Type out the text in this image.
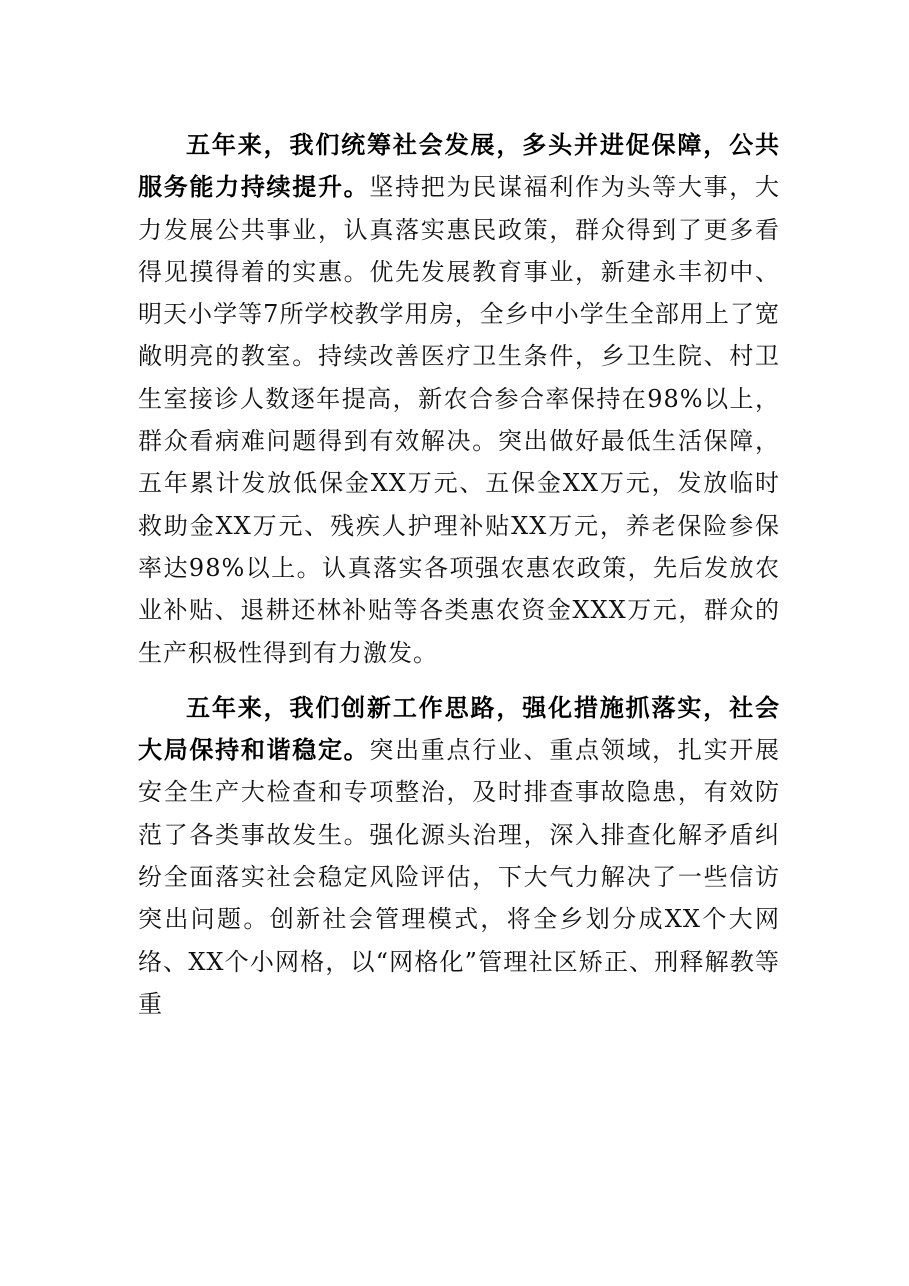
五年来，我们统筹社会发展，多头并进促保障，公共服务能力持续提升。坚持把为民谋福利作为头等大事，大力发展公共事业，认真落实惠民政策，群众得到了更多看得见摸得着的实惠。优先发展教育事业，新建永丰初中、明天小学等7所学校教学用房，全乡中小学生全部用上了宽敞明亮的教室。持续改善医疗卫生条件，乡卫生院、村卫生室接诊人数逐年提高，新农合参合率保持在98%以上，群众看病难问题得到有效解决。突出做好最低生活保障，五年累计发放低保金XX万元、五保金XX万元，发放临时救助金XX万元、残疾人护理补贴XX万元，养老保险参保率达98%以上。认真落实各项强农惠农政策，先后发放农业补贴、退耕还林补贴等各类惠农资金XXX万元，群众的生产积极性得到有力激发。

五年来，我们创新工作思路，强化措施抓落实，社会大局保持和谐稳定。突出重点行业、重点领域，扎实开展安全生产大检查和专项整治，及时排查事故隐患，有效防范了各类事故发生。强化源头治理，深入排查化解矛盾纠纷全面落实社会稳定风险评估，下大气力解决了一些信访突出问题。创新社会管理模式，将全乡划分成XX个大网络、XX个小网格，以“网格化”管理社区矫正、刑释解教等重
